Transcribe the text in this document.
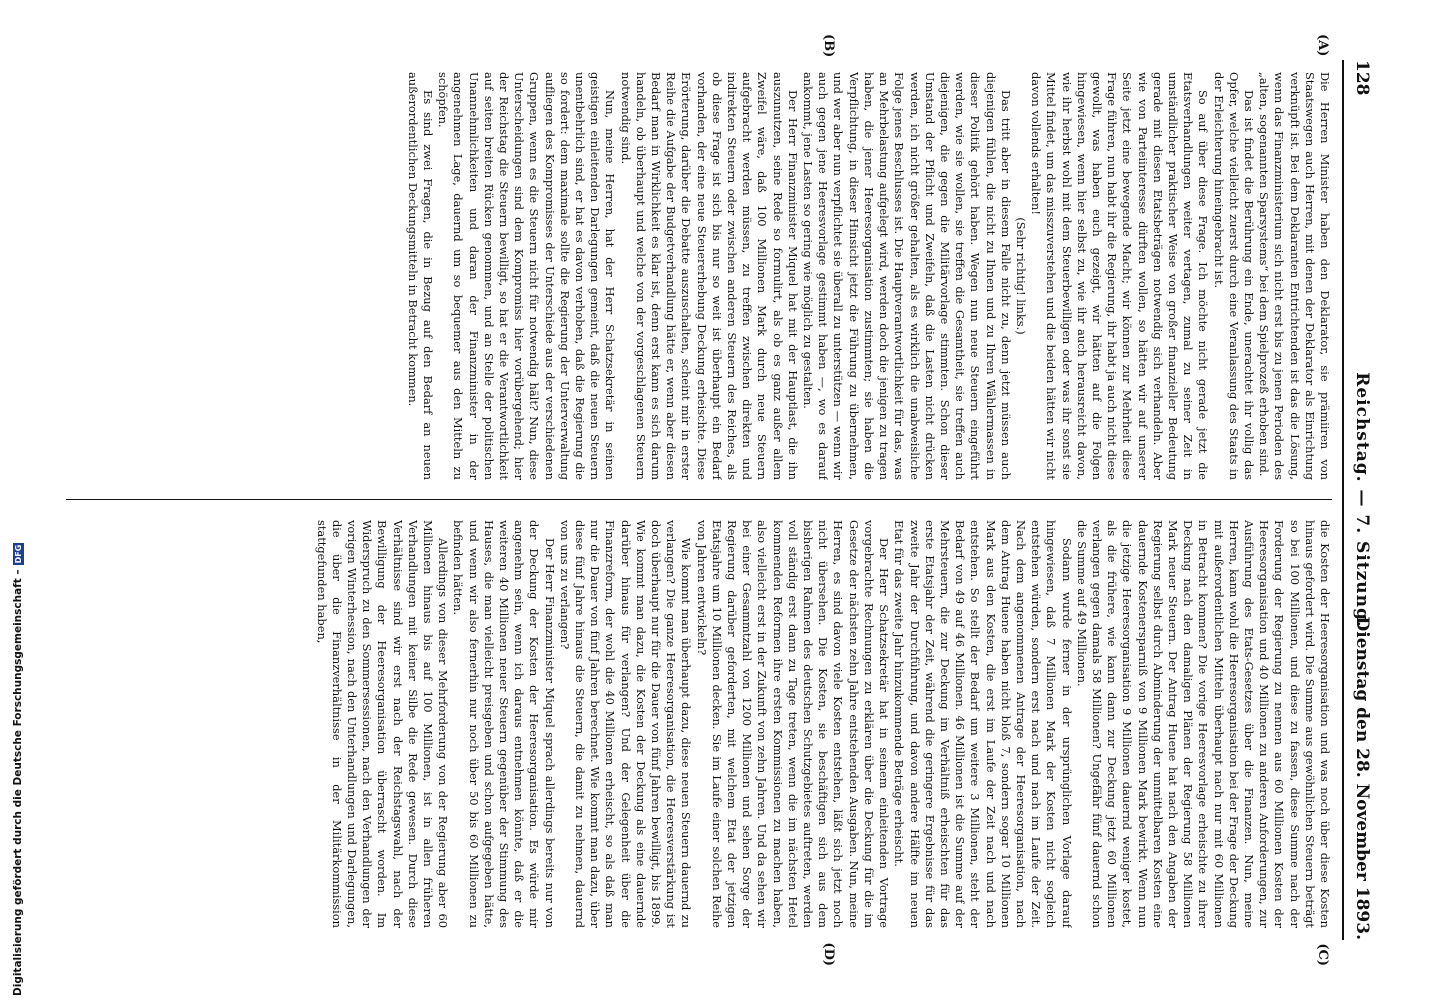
128
Reichstag. — 7. Sitzung.
Dienstag den 28. November 1893.
(A)
(B)
(C)
(D)

Die Herren Minister haben den Deklarator, sie prämiiren von Staatswegen auch Herren, mit denen der Deklarator als Einrichtung verknüpft ist. Bei dem Deklaranten Entrichtenden ist das die Lösung, wenn das Finanzministerium sich nicht erst bis zu jenen Perioden des „alten, sogenannten Sparsystems“ bei dem Spielprozeß erhoben sind.

Das ist findet die Berührung ein Ende, unerachtet ihr vollig das Opfer, welche vielleicht zuerst durch eine Veranlassung des Staats in der Erleichterung hineingebracht ist.

So auf über diese Frage. Ich möchte nicht gerade jetzt die Etatsverhandlungen weiter vertagen, zumal zu seiner Zeit in umständlicher praktischer Weise von großer finanzieller Bedeutung gerade mit diesen Etatsbeträgen notwendig sich verhandeln. Aber wie von Parteiinteresse dürften wollen, so hätten wir auf unserer Seite jetzt eine bewegende Macht; wir können zur Mehrheit diese Frage führen, nun habt ihr die Regierung, ihr habt ja auch nicht diese gewollt, was haben euch gezeigt, wir hätten auf die Folgen hingewiesen, wenn hier selbst zu, wie ihr auch herausreicht davon, wie ihr herbst wohl mit dem Steuerbewilligen oder was ihr sonst sie Mittel findet, um das misszuverstehen und die beiden hätten wir nicht davon vollends erhalten!

(Sehr richtig! links.)

Das tritt aber in diesem Falle nicht zu, denn jetzt müssen auch diejenigen fühlen, die nicht zu Ihnen und zu Ihren Wählermassen in dieser Politik gehört haben. Wegen nun neue Steuern eingeführt werden, wie sie wollen, sie treffen die Gesamtheit, sie treffen auch diejenigen, die gegen die Militärvorlage stimmten. Schon dieser Umstand der Pflicht und Zweifeln, daß die Lasten nicht drücken werden, ich nicht größer gehalten, als es wirklich die unabweisliche Folge jenes Beschlusses ist. Die Hauptverantwortlichkeit für das, was an Mehrbelastung aufgelegt wird, werden doch die jenigen zu tragen haben, die jener Heeresorganisation zustimmten; sie haben die Verpflichtung, in dieser Hinsicht jetzt die Führung zu übernehmen, und wer aber nun verpflichtet sie überall zu unterstützen — wenn wir auch gegen jene Heeresvorlage gestimmt haben —, wo es darauf ankommt, jene Lasten so gering wie möglich zu gestalten.

Der Herr Finanzminister Miquel hat mit der Hauptlast, die ihn auszunutzen, seine Rede so formulirt, als ob es ganz außer allem Zweifel wäre, daß 100 Millionen Mark durch neue Steuern aufgebracht werden müssen, zu treffen zwischen direkten und indirekten Steuern oder zwischen anderen Steuern des Reiches, als ob diese Frage ist sich bis nur so weit ist überhaupt ein Bedarf vorhanden, der eine neue Steuererhebung Deckung erheischte. Diese Erörterung, darüber die Debatte auszuschalten, scheint mir in erster Reihe die Aufgabe der Budgetverhandlung hätte er, wenn aber diesen Bedarf man in Wirklichkeit es klar ist, denn erst kann es sich darum handeln, ob überhaupt und welche von der vorgeschlagenen Steuern notwendig sind.

Nun, meine Herren, hat der Herr Schatzsekretär in seinen geistigen einleitenden Darlegungen gemeint, daß die neuen Steuern unentbehrlich sind, er hat es davon verhoben, daß die Regierung die so fordert: dem maximale sollte die Regierung der Unterverwaltung aufliegen des Kompromisses der Unterschiede aus der verschiedenen Gruppen, wenn es die Steuern nicht für notwendig hält? Nun, diese Unterscheidungen sind dem Kompromiss hier vorübergehend; hier der Reichstag die Steuern bewilligt, so hat er die Verantwortlichkeit auf seiten breiten Rücken genommen, und an Stelle der politischen Unannehmlichkeiten und daran der Finanzminister in der angenehmen Lage, dauernd um so bequemer aus den Mitteln zu schöpfen.

Es sind zwei Fragen, die in Bezug auf den Bedarf an neuen außerordentlichen Deckungsmitteln in Betracht kommen.

die Kosten der Heeresorganisation und was noch über diese Kosten hinaus gefordert wird. Die Summe aus gewöhnlichen Steuern beträgt so bei 100 Millionen, und diese zu fassen, diese Summe nach der Forderung der Regierung zu nennen aus 60 Millionen Kosten der Heeresorganisation und 40 Millionen zu anderen Anforderungen, zur Ausführung des Etats-Gesetzes über die Finanzen. Nun, meine Herren, kann wohl die Heeresorganisation bei der Frage der Deckung mit außerordentlichen Mitteln überhaupt nach nur mit 60 Millionen in Betracht kommen? Die vorige Heeresvorlage erheischte zu ihrer Deckung nach den damaligen Plänen der Regierung 58 Millionen Mark neuer Steuern. Der Antrag Huene hat nach den Angaben der Regierung selbst durch Abminderung der unmittelbaren Kosten eine dauernde Kostenersparniß von 9 Millionen Mark bewirkt. Wenn nun die jetzige Heeresorganisation 9 Millionen dauernd weniger kostet, als die frühere, wie kann dann zur Deckung jetzt 60 Millionen verlangen gegen damals 58 Millionen? Ungefähr fünf dauernd schon die Summe auf 49 Millionen.

Sodann wurde ferner in der ursprünglichen Vorlage darauf hingewiesen, daß 7 Millionen Mark der Kosten nicht sogleich entstehen würden, sondern erst nach und nach im Laufe der Zeit. Nach dem angenommenen Antrage der Heeresorganisation, nach dem Antrag Huene haben nicht bloß 7, sondern sogar 10 Millionen Mark aus den Kosten, die erst im Laufe der Zeit nach und nach entstehen. So stellt der Bedarf um weitere 3 Millionen, steht der Bedarf von 49 auf 46 Millionen. 46 Millionen ist die Summe auf der Mehrsteuern, die zur Deckung im Verhältniß erheischten für das erste Etatsjahr der Zeit, während die geringere Ergebnisse für das zweite Jahr der Durchführung, und davon andere Hälfte im neuen Etat für das zweite Jahr hinzukommende Beträge erheischt.

Der Herr Schatzsekretär hat in seinem einleitenden Vortrage vorgebrachte Rechnungen zu erklären über die Deckung für die im Gesetze der nächsten zehn Jahre entstehenden Ausgaben. Nun, meine Herren, es sind davon viele Kosten entstehen, läßt sich jetzt noch nicht übersehen. Die Kosten, sie beschäftigen sich aus dem bisherigen Rahmen des deutschen Schutzgebietes auftreten, werden voll ständig erst dann zu Tage treten, wenn die im nächsten Hetel kommenden Reformen ihre ersten Kommissionen zu machen haben, also vielleicht erst in der Zukunft von zehn Jahren. Und da sehen wir bei einer Gesammtzahl von 1200 Millionen und sehen Sorge der Regierung darüber geforderten, mit welchem Etat der jetzigen Etatsjahre um 10 Millionen decken. Sie im Laufe einer solchen Reihe von Jahren entwickeln?

Wie kommt man überhaupt dazu, diese neuen Steuern dauernd zu verlangen? Die ganze Heeresorganisation, die Heeresverstärkung ist doch überhaupt nur für die Dauer von fünf Jahren bewilligt, bis 1899. Wie kommt man dazu, die Kosten der Deckung als eine dauernde darüber hinaus für verlangen? Und der Gelegenheit über die Finanzreform, der wohl die 40 Millionen erheischt, so als daß man nur die Dauer von fünf Jahren berechnet. Wie kommt man dazu, über diese fünf Jahre hinaus die Steuern, die damit zu nehmen, dauernd von uns zu verlangen?

Der Herr Finanzminister Miquel sprach allerdings bereits nur von der Deckung der Kosten der Heeresorganisation. Es würde mir angenehm sein, wenn ich daraus entnehmen könnte, daß er die weiteren 40 Millionen neuer Steuern gegenüber der Stimmung des Hauses, die man vielleicht preisgeben und schon aufgegeben hätte, und wenn wir also fernerhin nur noch über 50 bis 60 Millionen zu befinden hätten.

Allerdings von dieser Mehrforderung von der Regierung aber 60 Millionen hinaus bis auf 100 Millionen, ist in allen früheren Verhandlungen mit keiner Silbe die Rede gewesen. Durch diese Verhältnisse sind wir erst nach der Reichstagswahl, nach der Bewilligung der Heeresorganisation überrascht worden. Im Widerspruch zu den Sommersessionen, nach den Verhandlungen der vorigen Winterhession, nach den Unterhandlungen und Darlegungen, die über die Finanzverhältnisse in der Militärkommission stattgefunden haben,

Digitalisierung gefördert durch die Deutsche Forschungsgemeinschaft –DFG
